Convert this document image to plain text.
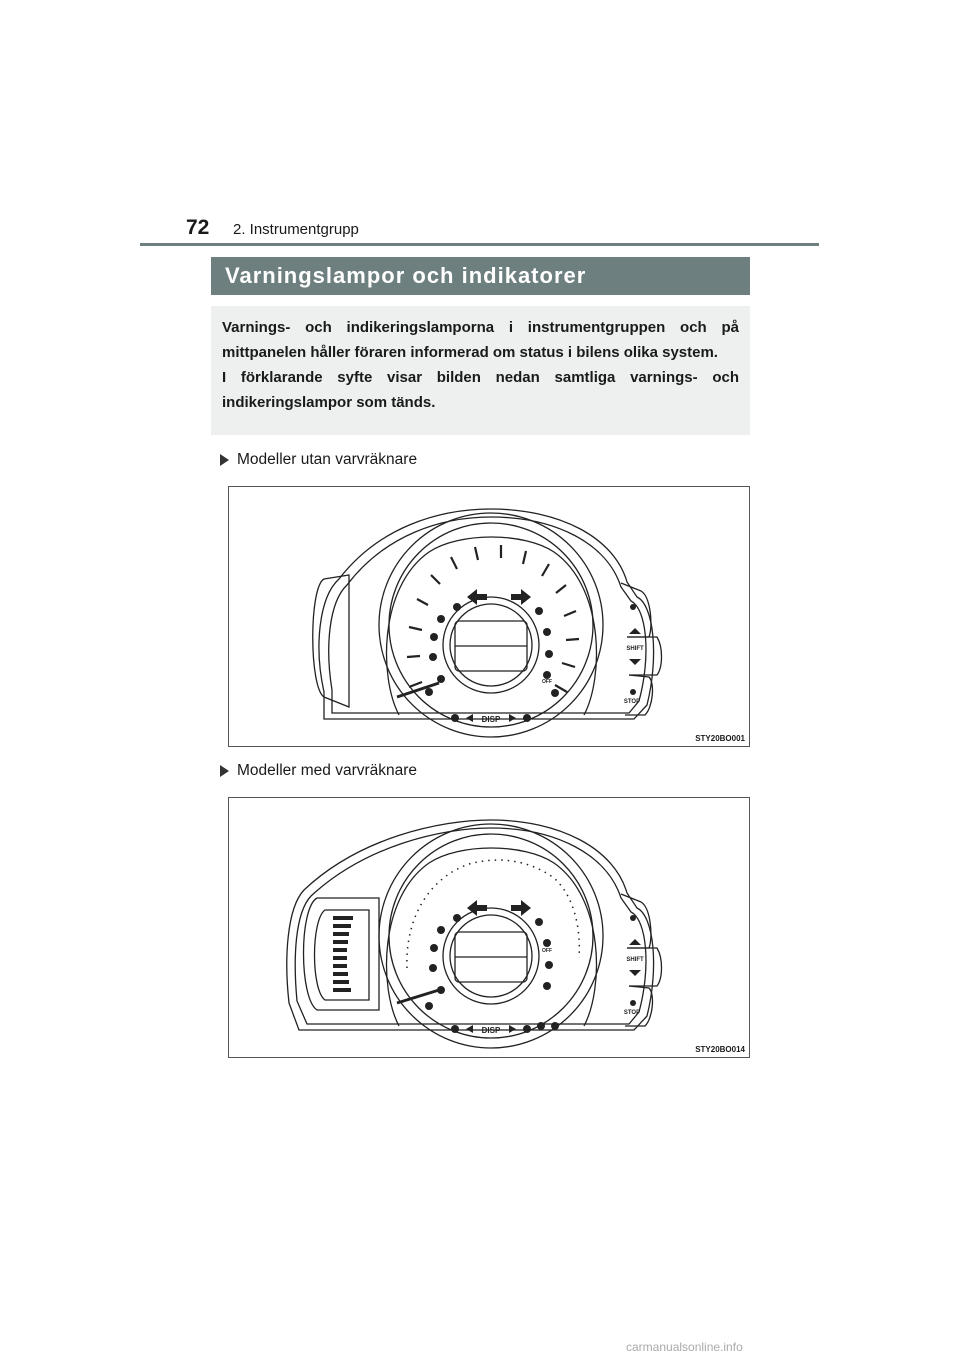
72 2. Instrumentgrupp
Varningslampor och indikatorer

Varnings- och indikeringslamporna i instrumentgruppen och på mittpanelen håller föraren informerad om status i bilens olika system.

I förklarande syfte visar bilden nedan samtliga varnings- och indikeringslampor som tänds.

Modeller utan varvräknare
DISP
SHIFT
STOP
OFF
STY20BO001
Modeller med varvräknare
DISP
SHIFT
STOP
OFF
STY20BO014
carmanualsonline.info
